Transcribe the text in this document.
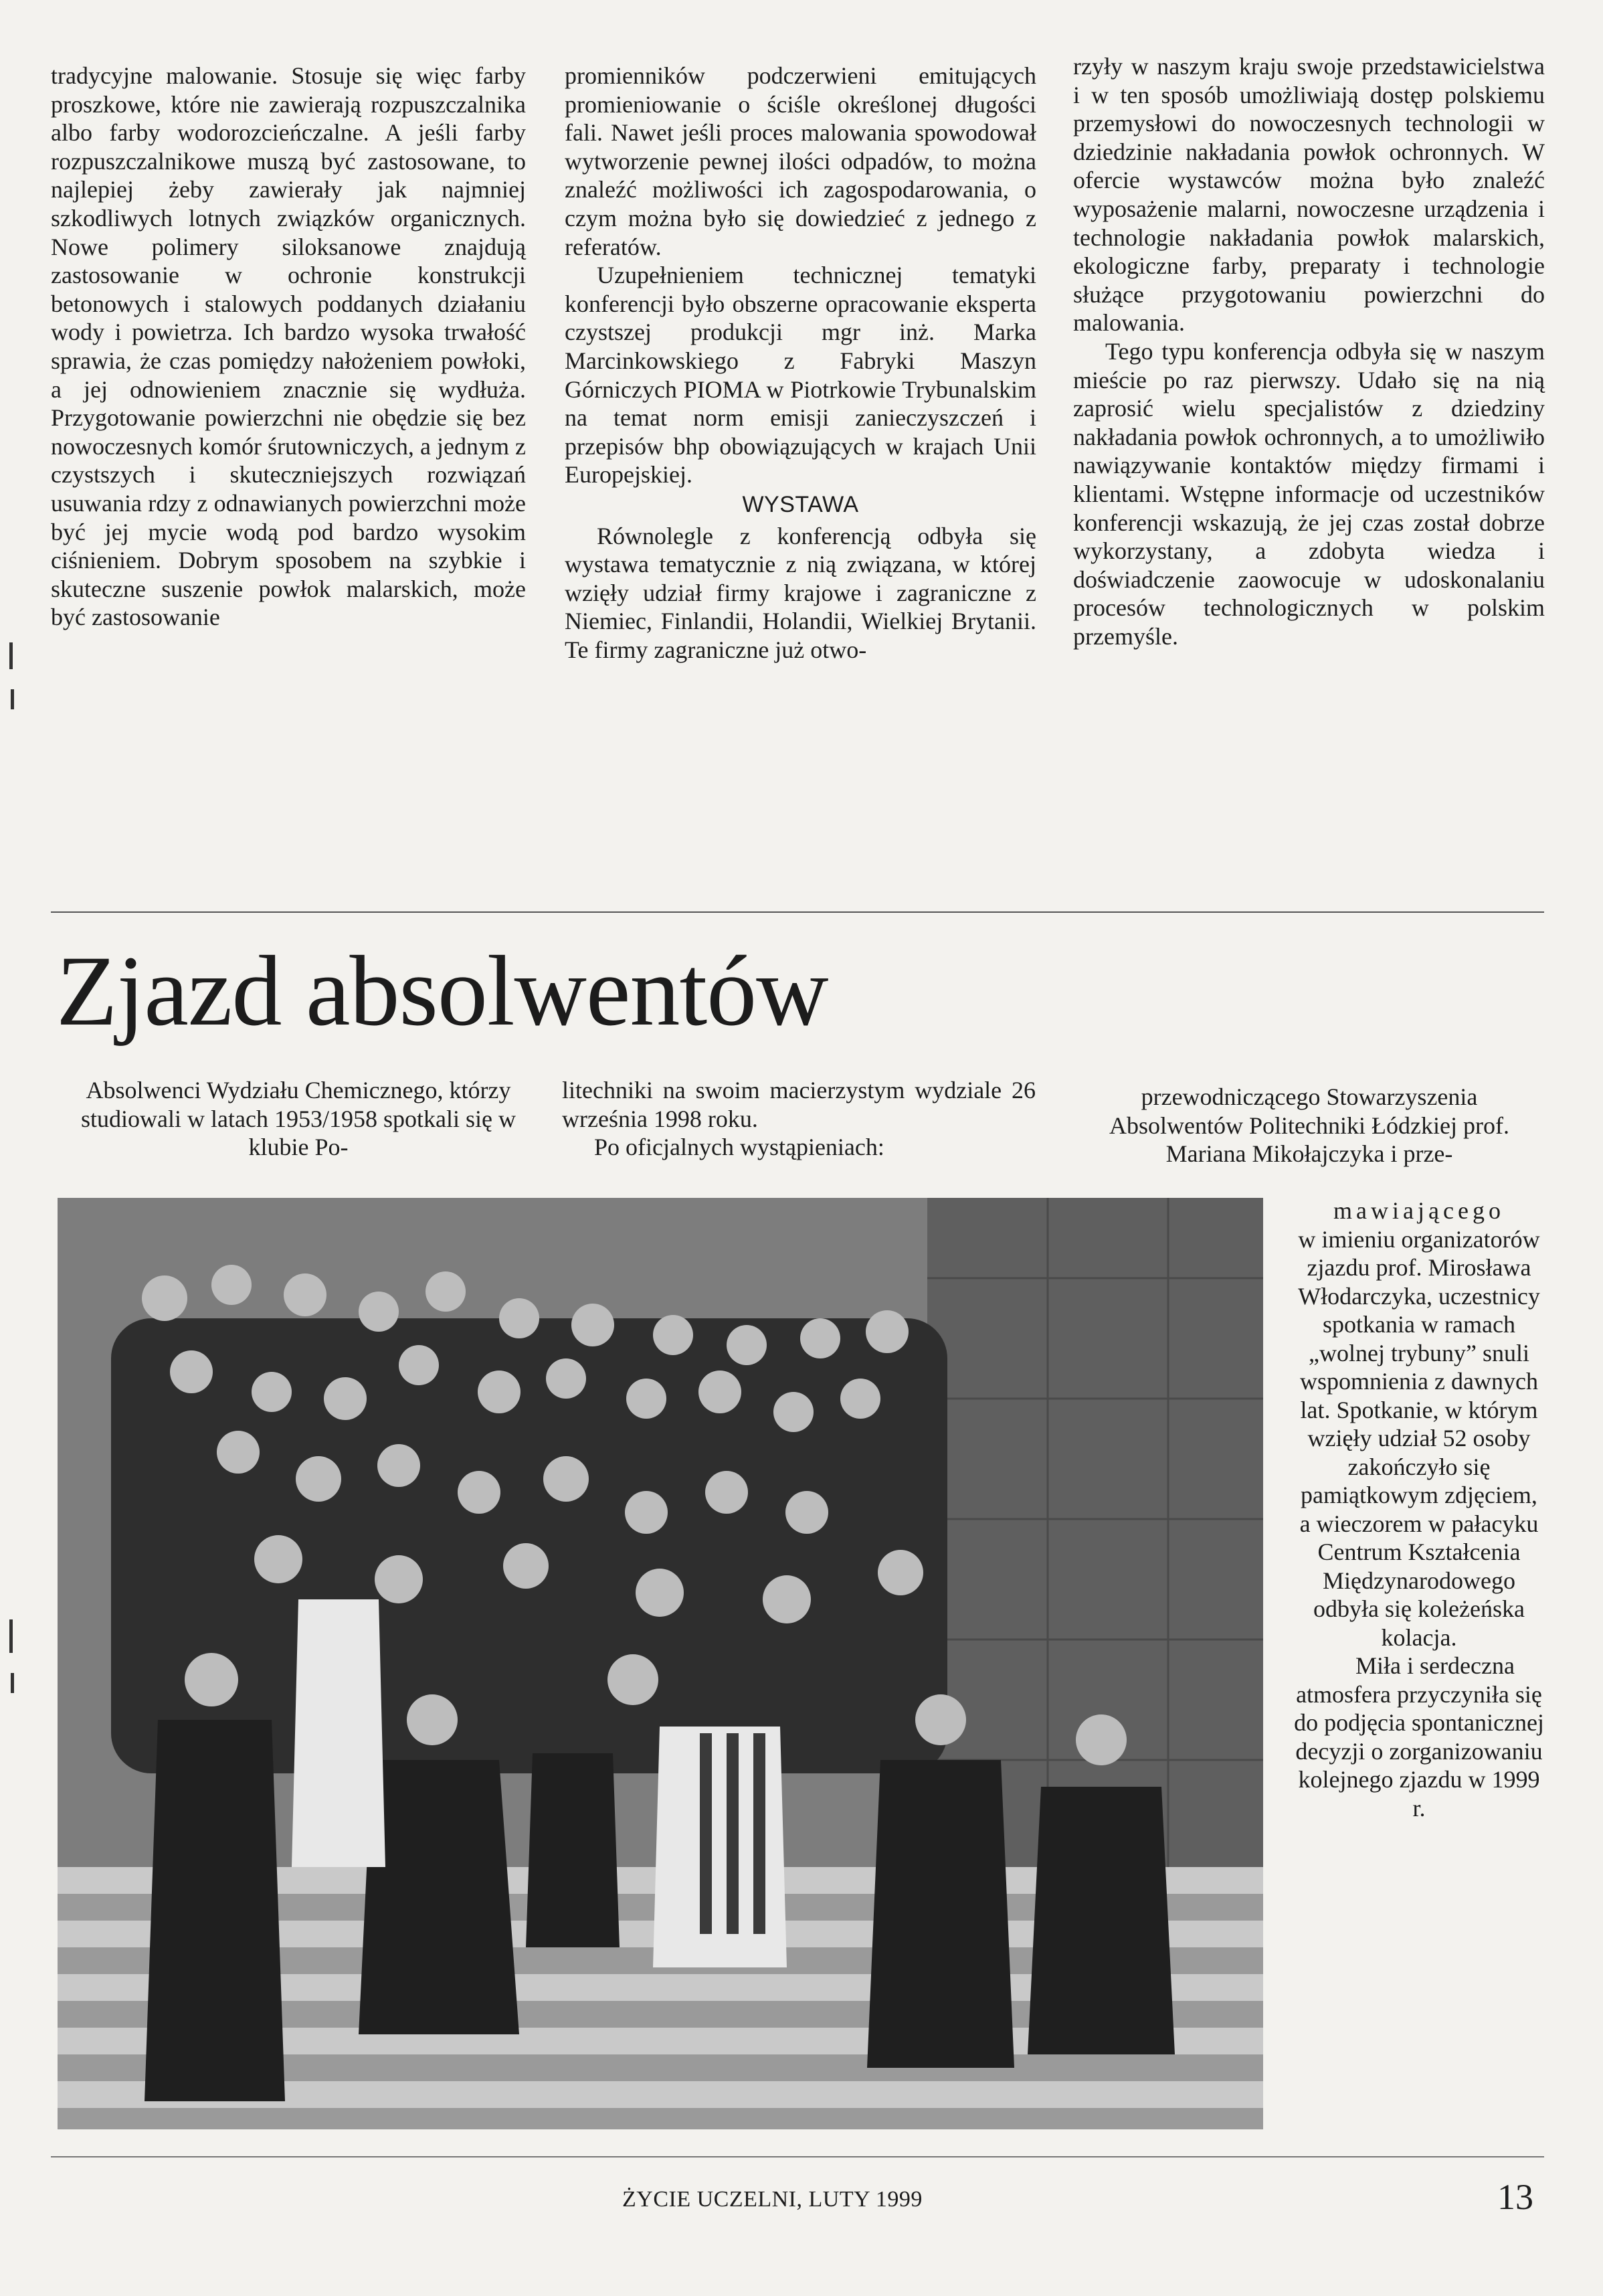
tradycyjne malowanie. Stosuje się więc farby proszkowe, które nie zawierają rozpuszczalnika albo farby wodorozcieńczalne. A jeśli farby rozpuszczalnikowe muszą być zastosowane, to najlepiej żeby zawierały jak najmniej szkodliwych lotnych związków organicznych. Nowe polimery siloksanowe znajdują zastosowanie w ochronie konstrukcji betonowych i stalowych poddanych działaniu wody i powietrza. Ich bardzo wysoka trwałość sprawia, że czas pomiędzy nałożeniem powłoki, a jej odnowieniem znacznie się wydłuża. Przygotowanie powierzchni nie obędzie się bez nowoczesnych komór śrutowniczych, a jednym z czystszych i skuteczniejszych rozwiązań usuwania rdzy z odnawianych powierzchni może być jej mycie wodą pod bardzo wysokim ciśnieniem. Dobrym sposobem na szybkie i skuteczne suszenie powłok malarskich, może być zastosowanie

promienników podczerwieni emitujących promieniowanie o ściśle określonej długości fali. Nawet jeśli proces malowania spowodował wytworzenie pewnej ilości odpadów, to można znaleźć możliwości ich zagospodarowania, o czym można było się dowiedzieć z jednego z referatów.

Uzupełnieniem technicznej tematyki konferencji było obszerne opracowanie eksperta czystszej produkcji mgr inż. Marka Marcinkowskiego z Fabryki Maszyn Górniczych PIOMA w Piotrkowie Trybunalskim na temat norm emisji zanieczyszczeń i przepisów bhp obowiązujących w krajach Unii Europejskiej.

WYSTAWA

Równolegle z konferencją odbyła się wystawa tematycznie z nią związana, w której wzięły udział firmy krajowe i zagraniczne z Niemiec, Finlandii, Holandii, Wielkiej Brytanii. Te firmy zagraniczne już otwo-

rzyły w naszym kraju swoje przedstawicielstwa i w ten sposób umożliwiają dostęp polskiemu przemysłowi do nowoczesnych technologii w dziedzinie nakładania powłok ochronnych. W ofercie wystawców można było znaleźć wyposażenie malarni, nowoczesne urządzenia i technologie nakładania powłok malarskich, ekologiczne farby, preparaty i technologie służące przygotowaniu powierzchni do malowania.

Tego typu konferencja odbyła się w naszym mieście po raz pierwszy. Udało się na nią zaprosić wielu specjalistów z dziedziny nakładania powłok ochronnych, a to umożliwiło nawiązywanie kontaktów między firmami i klientami. Wstępne informacje od uczestników konferencji wskazują, że jej czas został dobrze wykorzystany, a zdobyta wiedza i doświadczenie zaowocuje w udoskonalaniu procesów technologicznych w polskim przemyśle.

Zjazd absolwentów

Absolwenci Wydziału Chemicznego, którzy studiowali w latach 1953/1958 spotkali się w klubie Po-

litechniki na swoim macierzystym wydziale 26 września 1998 roku.

Po oficjalnych wystąpieniach:

przewodniczącego Stowarzyszenia Absolwentów Politechniki Łódzkiej prof. Mariana Mikołajczyka i prze-

mawiającego

w imieniu organizatorów zjazdu prof. Mirosława Włodarczyka, uczestnicy spotkania w ramach „wolnej trybuny” snuli wspomnienia z dawnych lat. Spotkanie, w którym wzięły udział 52 osoby zakończyło się pamiątkowym zdjęciem, a wieczorem w pałacyku Centrum Kształcenia Międzynarodowego odbyła się koleżeńska kolacja.

Miła i serdeczna atmosfera przyczyniła się do podjęcia spontanicznej decyzji o zorganizowaniu kolejnego zjazdu w 1999 r.

ŻYCIE UCZELNI, LUTY 1999	13
